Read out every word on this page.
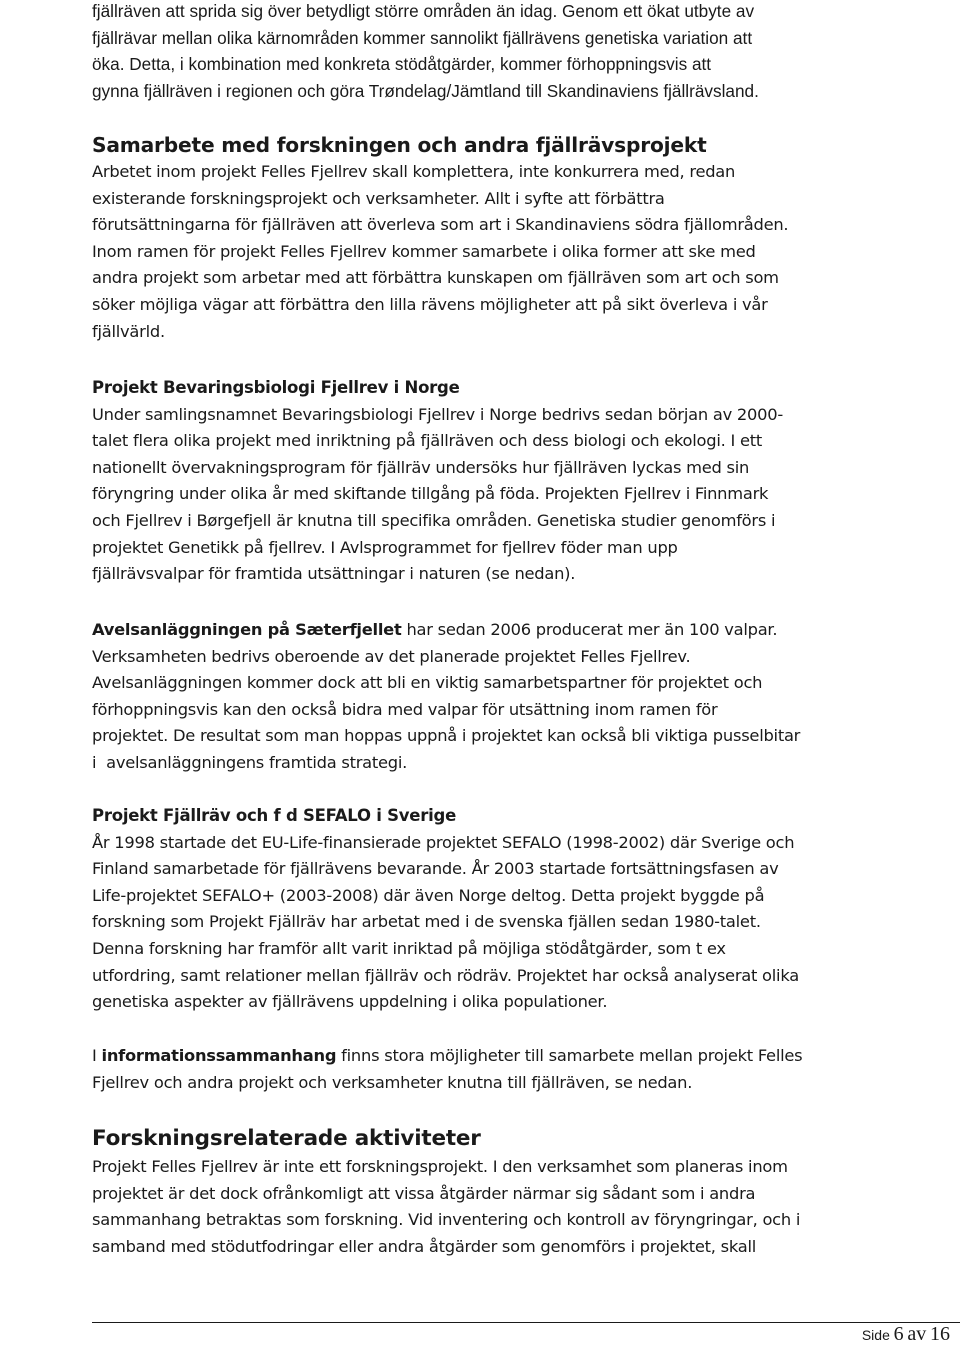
fjällräven att sprida sig över betydligt större områden än idag. Genom ett ökat utbyte av
fjällrävar mellan olika kärnområden kommer sannolikt fjällrävens genetiska variation att
öka. Detta, i kombination med konkreta stödåtgärder, kommer förhoppningsvis att
gynna fjällräven i regionen och göra Trøndelag/Jämtland till Skandinaviens fjällrävsland.
Samarbete med forskningen och andra fjällrävsprojekt
Arbetet inom projekt Felles Fjellrev skall komplettera, inte konkurrera med, redan
existerande forskningsprojekt och verksamheter. Allt i syfte att förbättra
förutsättningarna för fjällräven att överleva som art i Skandinaviens södra fjällområden.
Inom ramen för projekt Felles Fjellrev kommer samarbete i olika former att ske med
andra projekt som arbetar med att förbättra kunskapen om fjällräven som art och som
söker möjliga vägar att förbättra den lilla rävens möjligheter att på sikt överleva i vår
fjällvärld.
Projekt Bevaringsbiologi Fjellrev i Norge
Under samlingsnamnet Bevaringsbiologi Fjellrev i Norge bedrivs sedan början av 2000-
talet flera olika projekt med inriktning på fjällräven och dess biologi och ekologi. I ett
nationellt övervakningsprogram för fjällräv undersöks hur fjällräven lyckas med sin
föryngring under olika år med skiftande tillgång på föda. Projekten Fjellrev i Finnmark
och Fjellrev i Børgefjell är knutna till specifika områden. Genetiska studier genomförs i
projektet Genetikk på fjellrev. I Avlsprogrammet for fjellrev föder man upp
fjällrävsvalpar för framtida utsättningar i naturen (se nedan).
Avelsanläggningen på Sæterfjellet har sedan 2006 producerat mer än 100 valpar.
Verksamheten bedrivs oberoende av det planerade projektet Felles Fjellrev.
Avelsanläggningen kommer dock att bli en viktig samarbetspartner för projektet och
förhoppningsvis kan den också bidra med valpar för utsättning inom ramen för
projektet. De resultat som man hoppas uppnå i projektet kan också bli viktiga pusselbitar
i  avelsanläggningens framtida strategi.
Projekt Fjällräv och f d SEFALO i Sverige
År 1998 startade det EU-Life-finansierade projektet SEFALO (1998-2002) där Sverige och
Finland samarbetade för fjällrävens bevarande. År 2003 startade fortsättningsfasen av
Life-projektet SEFALO+ (2003-2008) där även Norge deltog. Detta projekt byggde på
forskning som Projekt Fjällräv har arbetat med i de svenska fjällen sedan 1980-talet.
Denna forskning har framför allt varit inriktad på möjliga stödåtgärder, som t ex
utfordring, samt relationer mellan fjällräv och rödräv. Projektet har också analyserat olika
genetiska aspekter av fjällrävens uppdelning i olika populationer.
I informationssammanhang finns stora möjligheter till samarbete mellan projekt Felles
Fjellrev och andra projekt och verksamheter knutna till fjällräven, se nedan.
Forskningsrelaterade aktiviteter
Projekt Felles Fjellrev är inte ett forskningsprojekt. I den verksamhet som planeras inom
projektet är det dock ofrånkomligt att vissa åtgärder närmar sig sådant som i andra
sammanhang betraktas som forskning. Vid inventering och kontroll av föryngringar, och i
samband med stödutfodringar eller andra åtgärder som genomförs i projektet, skall
Side 6 av 16
